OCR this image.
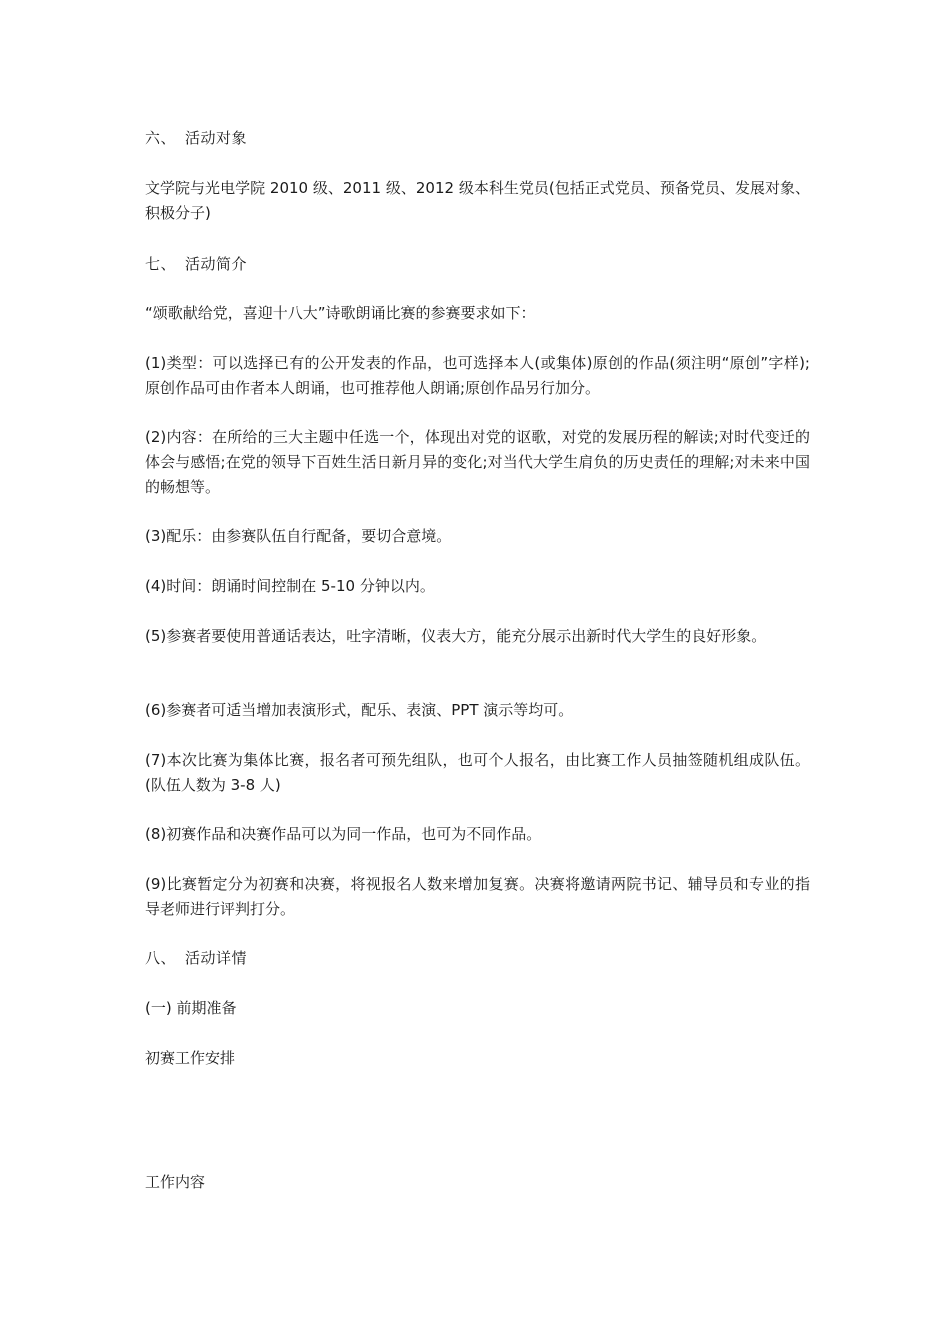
六、 活动对象

文学院与光电学院 2010 级、2011 级、2012 级本科生党员(包括正式党员、预备党员、发展对象、积极分子)

七、 活动简介

“颂歌献给党，喜迎十八大”诗歌朗诵比赛的参赛要求如下：

(1)类型：可以选择已有的公开发表的作品，也可选择本人(或集体)原创的作品(须注明“原创”字样);原创作品可由作者本人朗诵，也可推荐他人朗诵;原创作品另行加分。

(2)内容：在所给的三大主题中任选一个，体现出对党的讴歌，对党的发展历程的解读;对时代变迁的体会与感悟;在党的领导下百姓生活日新月异的变化;对当代大学生肩负的历史责任的理解;对未来中国的畅想等。

(3)配乐：由参赛队伍自行配备，要切合意境。

(4)时间：朗诵时间控制在 5-10 分钟以内。

(5)参赛者要使用普通话表达，吐字清晰，仪表大方，能充分展示出新时代大学生的良好形象。

(6)参赛者可适当增加表演形式，配乐、表演、PPT 演示等均可。

(7)本次比赛为集体比赛，报名者可预先组队，也可个人报名，由比赛工作人员抽签随机组成队伍。(队伍人数为 3-8 人)

(8)初赛作品和决赛作品可以为同一作品，也可为不同作品。

(9)比赛暂定分为初赛和决赛，将视报名人数来增加复赛。决赛将邀请两院书记、辅导员和专业的指导老师进行评判打分。

八、 活动详情

(一) 前期准备

初赛工作安排

工作内容
